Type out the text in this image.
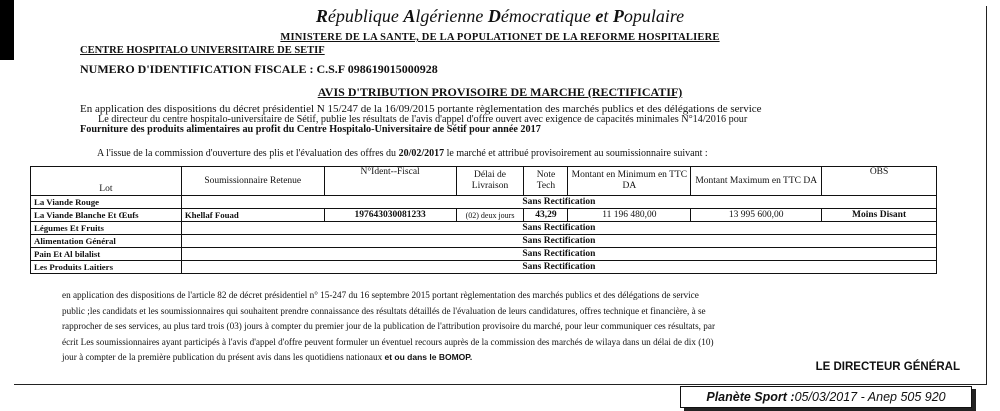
République Algérienne Démocratique et Populaire
MINISTERE DE LA SANTE, DE LA POPULATIONET DE LA REFORME HOSPITALIERE
CENTRE HOSPITALO UNIVERSITAIRE DE SETIF
NUMERO D'IDENTIFICATION FISCALE : C.S.F 098619015000928
AVIS D'TRIBUTION PROVISOIRE DE MARCHE (RECTIFICATIF)
En application des dispositions du décret présidentiel N 15/247 de la 16/09/2015 portante règlementation des marchés publics et des délégations de service
Le directeur du centre hospitalo-universitaire de Sétif, publie les résultats de l'avis d'appel d'offre ouvert avec exigence de capacités minimales N°14/2016 pour
Fourniture des produits alimentaires au profit du Centre Hospitalo-Universitaire de Sétif pour année 2017
A l'issue de la commission d'ouverture des plis et l'évaluation des offres du 20/02/2017 le marché et attribué provisoirement au soumissionnaire suivant :
Lot	Soumissionnaire Retenue	N°Ident--Fiscal	Délai de Livraison	Note Tech	Montant en Minimum en TTC DA	Montant Maximum en TTC DA	OBS
La Viande Rouge	Sans Rectification						
La Viande Blanche Et Œufs	Khellaf Fouad	197643030081233	(02) deux jours	43,29	11 196 480,00	13 995 600,00	Moins Disant
Légumes Et Fruits	Sans Rectification						
Alimentation Général	Sans Rectification						
Pain Et Al bilalist	Sans Rectification						
Les Produits Laitiers	Sans Rectification						
en application des dispositions de l'article 82 de décret présidentiel n° 15-247 du 16 septembre 2015 portant règlementation des marchés publics et des délégations de service
public ;les candidats et les soumissionnaires qui souhaitent prendre connaissance des résultats détaillés de l'évaluation de leurs candidatures, offres technique et financière, à se
rapprocher de ses services, au plus tard trois (03) jours à compter du premier jour de la publication de l'attribution provisoire du marché, pour leur communiquer ces résultats, par
écrit Les soumissionnaires ayant participés à l'avis d'appel d'offre peuvent formuler un éventuel recours auprès de la commission des marchés de wilaya dans un délai de dix (10)
jour à compter de la première publication du présent avis dans les quotidiens nationaux et ou dans le BOMOP.
LE DIRECTEUR GÉNÉRAL
Planète Sport : 05/03/2017 - Anep 505 920
